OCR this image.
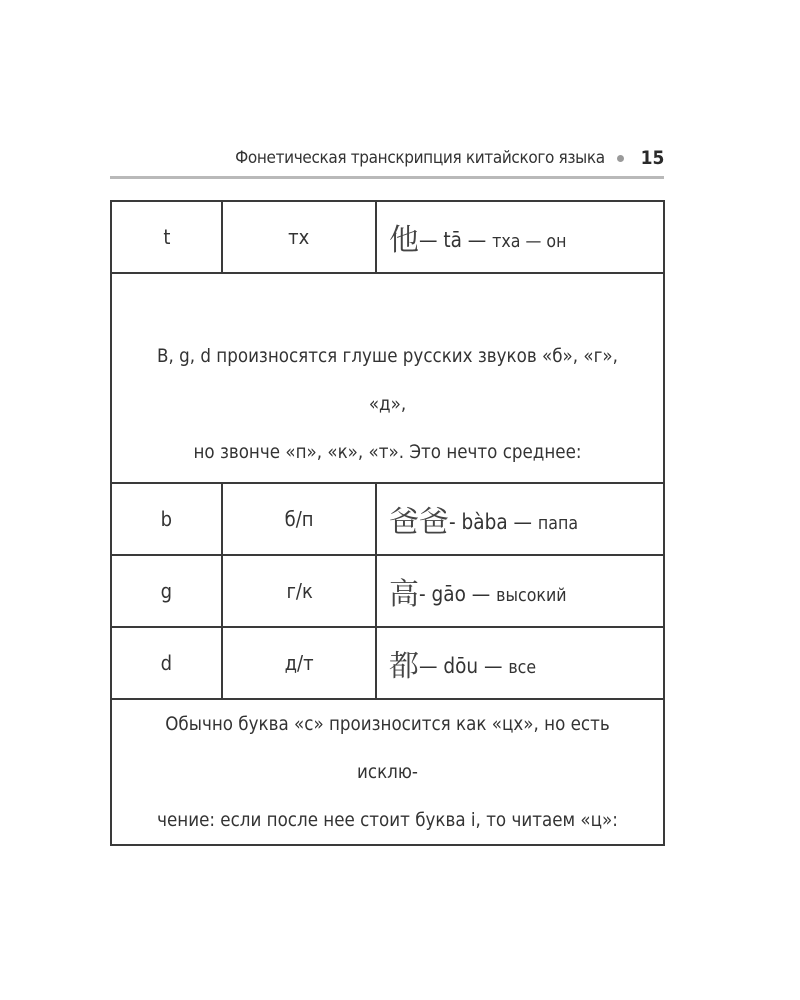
Фонетическая транскрипция китайского языка 15
t	тх	他— tā — тха — он
B, g, d произносятся глуше русских звуков «б», «г», «д»,
но звонче «п», «к», «т». Это нечто среднее:		
b	б/п	爸爸- bàba — папа
g	г/к	高- gāo — высокий
d	д/т	都— dōu — все
Обычно буква «c» произносится как «цх», но есть исклю-
чение: если после нее стоит буква i, то читаем «ц»:		
